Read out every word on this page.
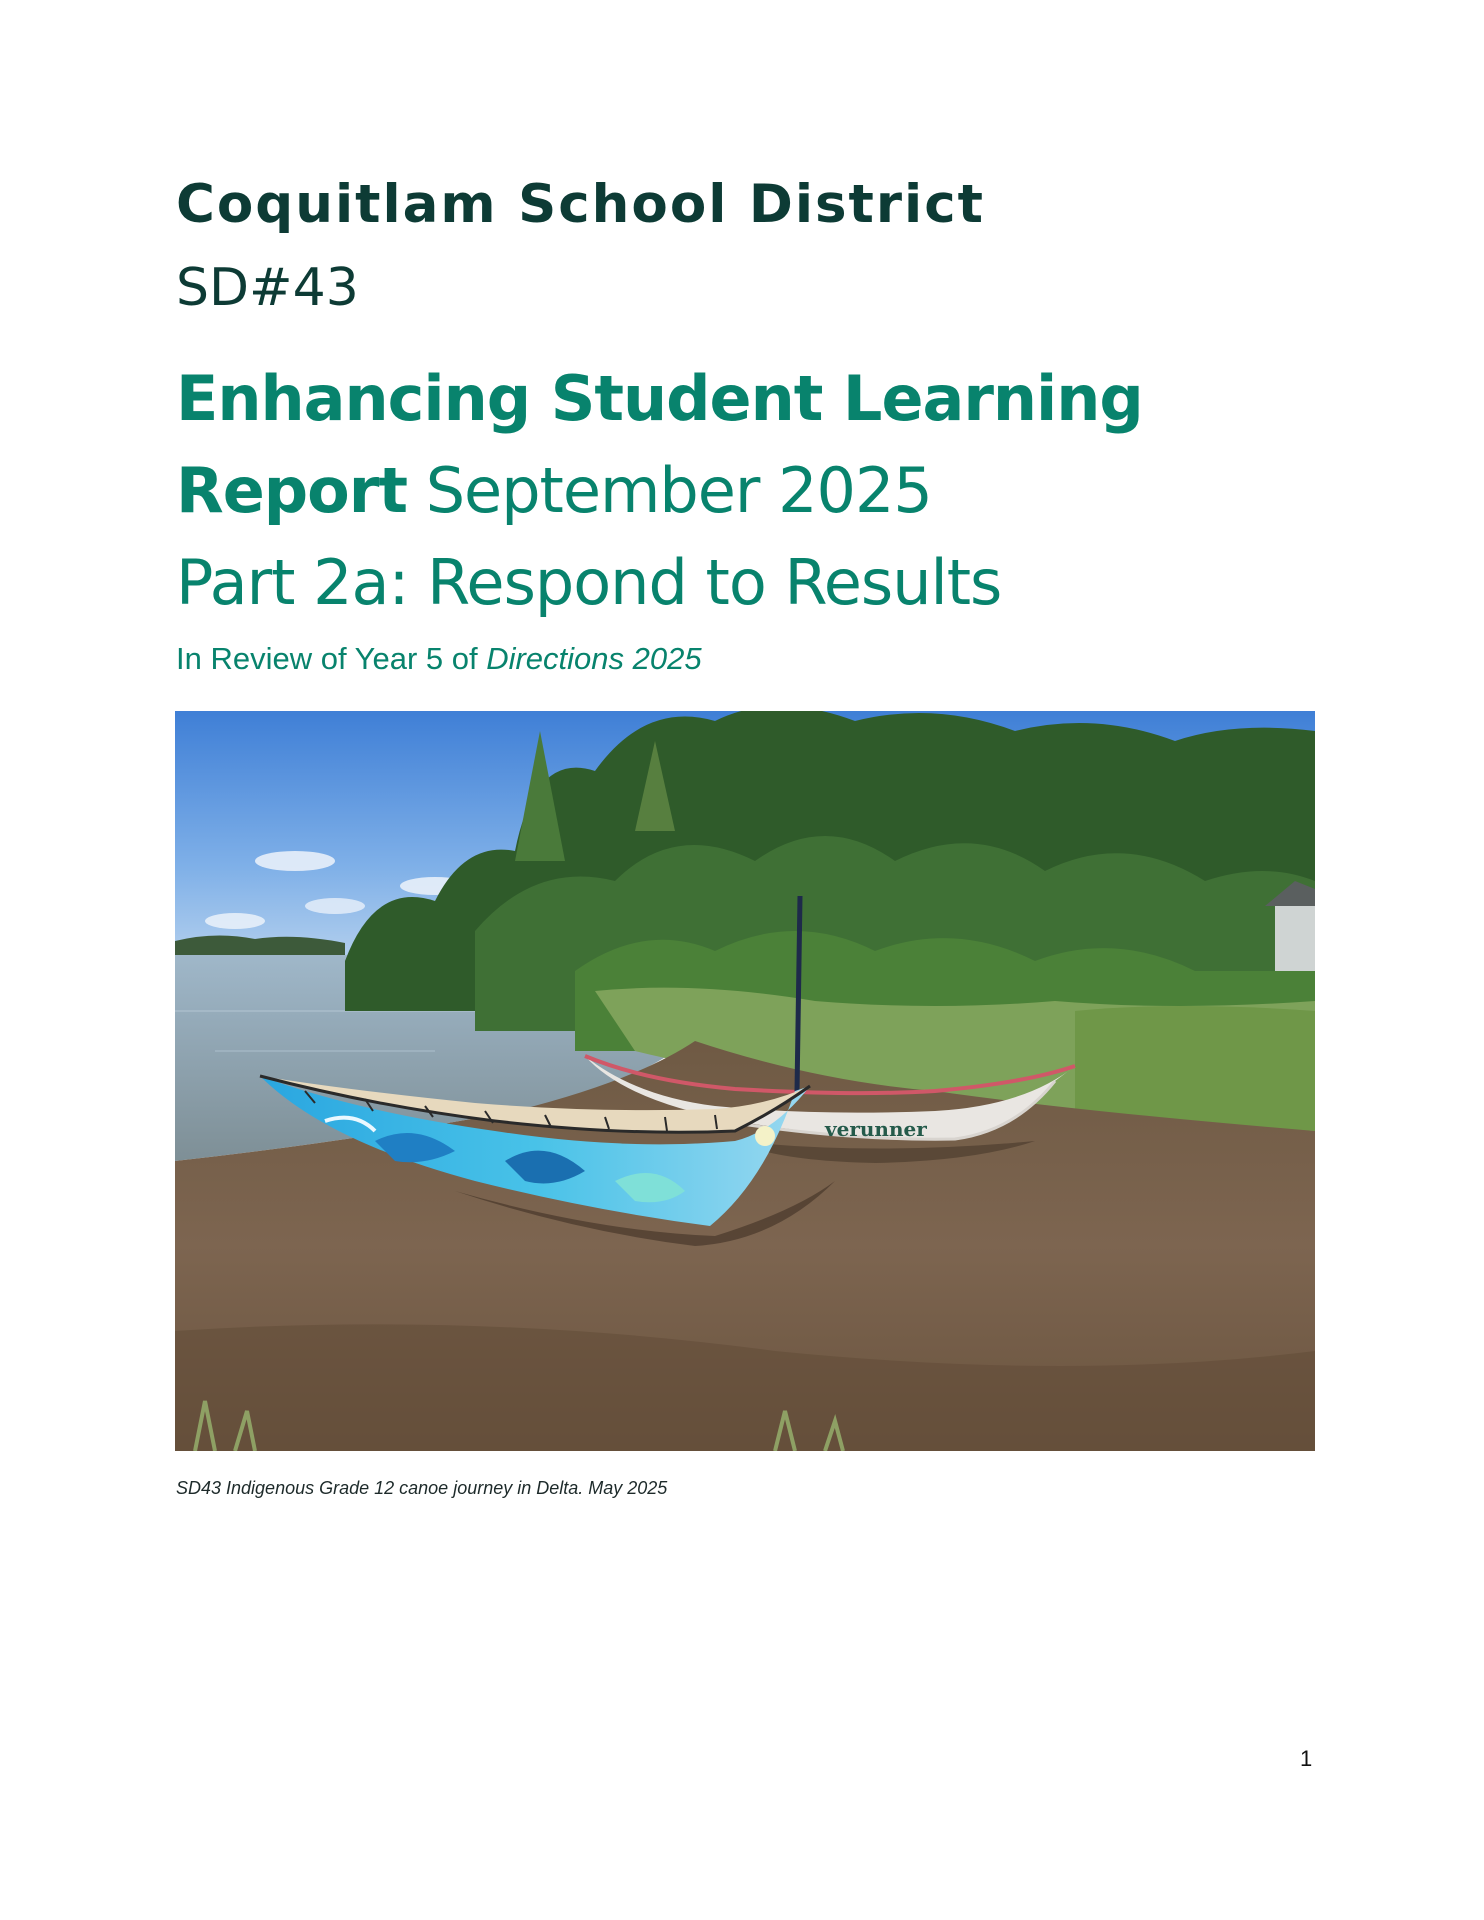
Coquitlam School District
SD#43
Enhancing Student Learning
Report September 2025
Part 2a: Respond to Results
In Review of Year 5 of Directions 2025
verunner
SD43 Indigenous Grade 12 canoe journey in Delta. May 2025
1
